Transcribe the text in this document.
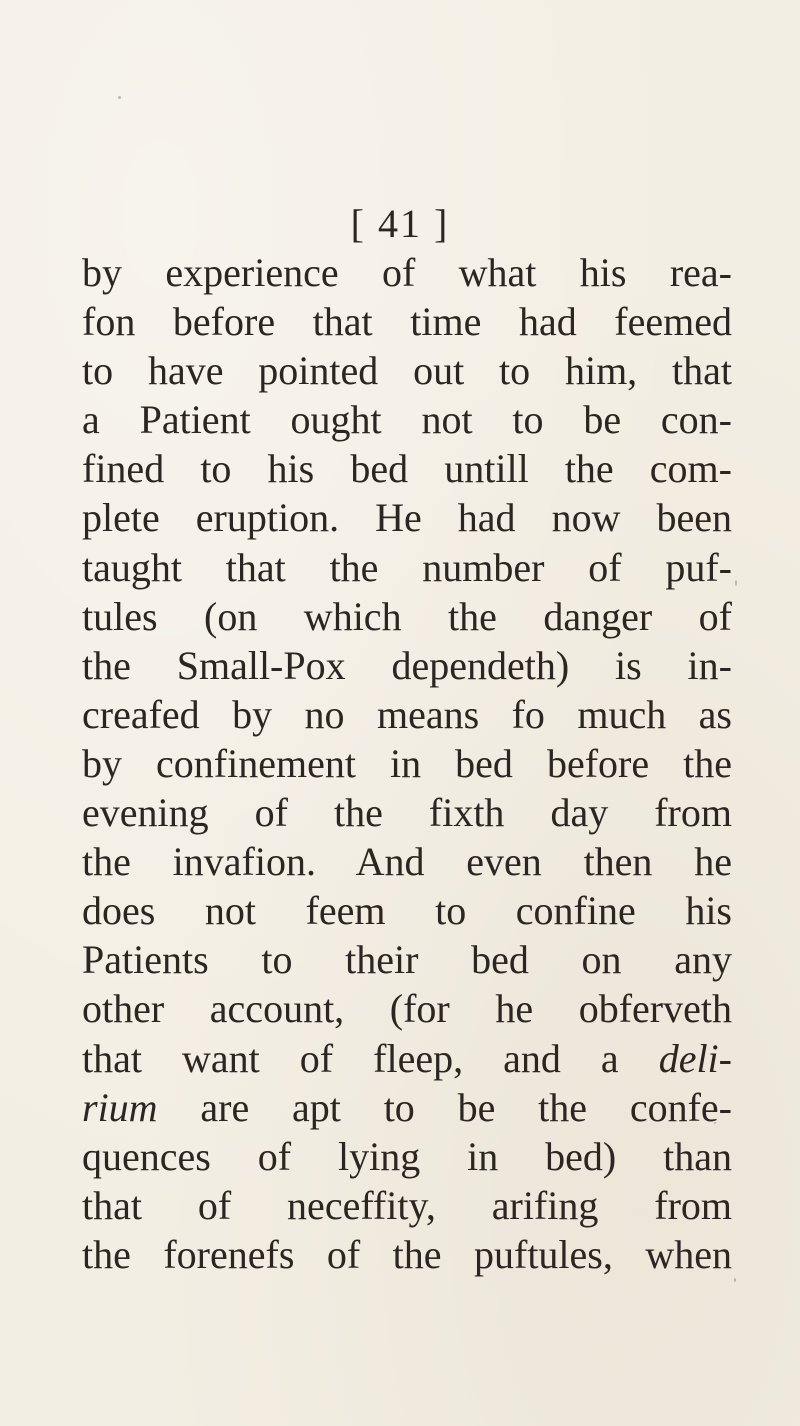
[ 41 ]
by experience of what his rea-
fon before that time had feemed
to have pointed out to him, that
a Patient ought not to be con-
fined to his bed untill the com-
plete eruption. He had now been
taught that the number of puf-
tules (on which the danger of
the Small-Pox dependeth) is in-
creafed by no means fo much as
by confinement in bed before the
evening of the fixth day from
the invafion. And even then he
does not feem to confine his
Patients to their bed on any
other account, (for he obferveth
that want of fleep, and a deli-
rium are apt to be the confe-
quences of lying in bed) than
that of neceffity, arifing from
the forenefs of the puftules, when
